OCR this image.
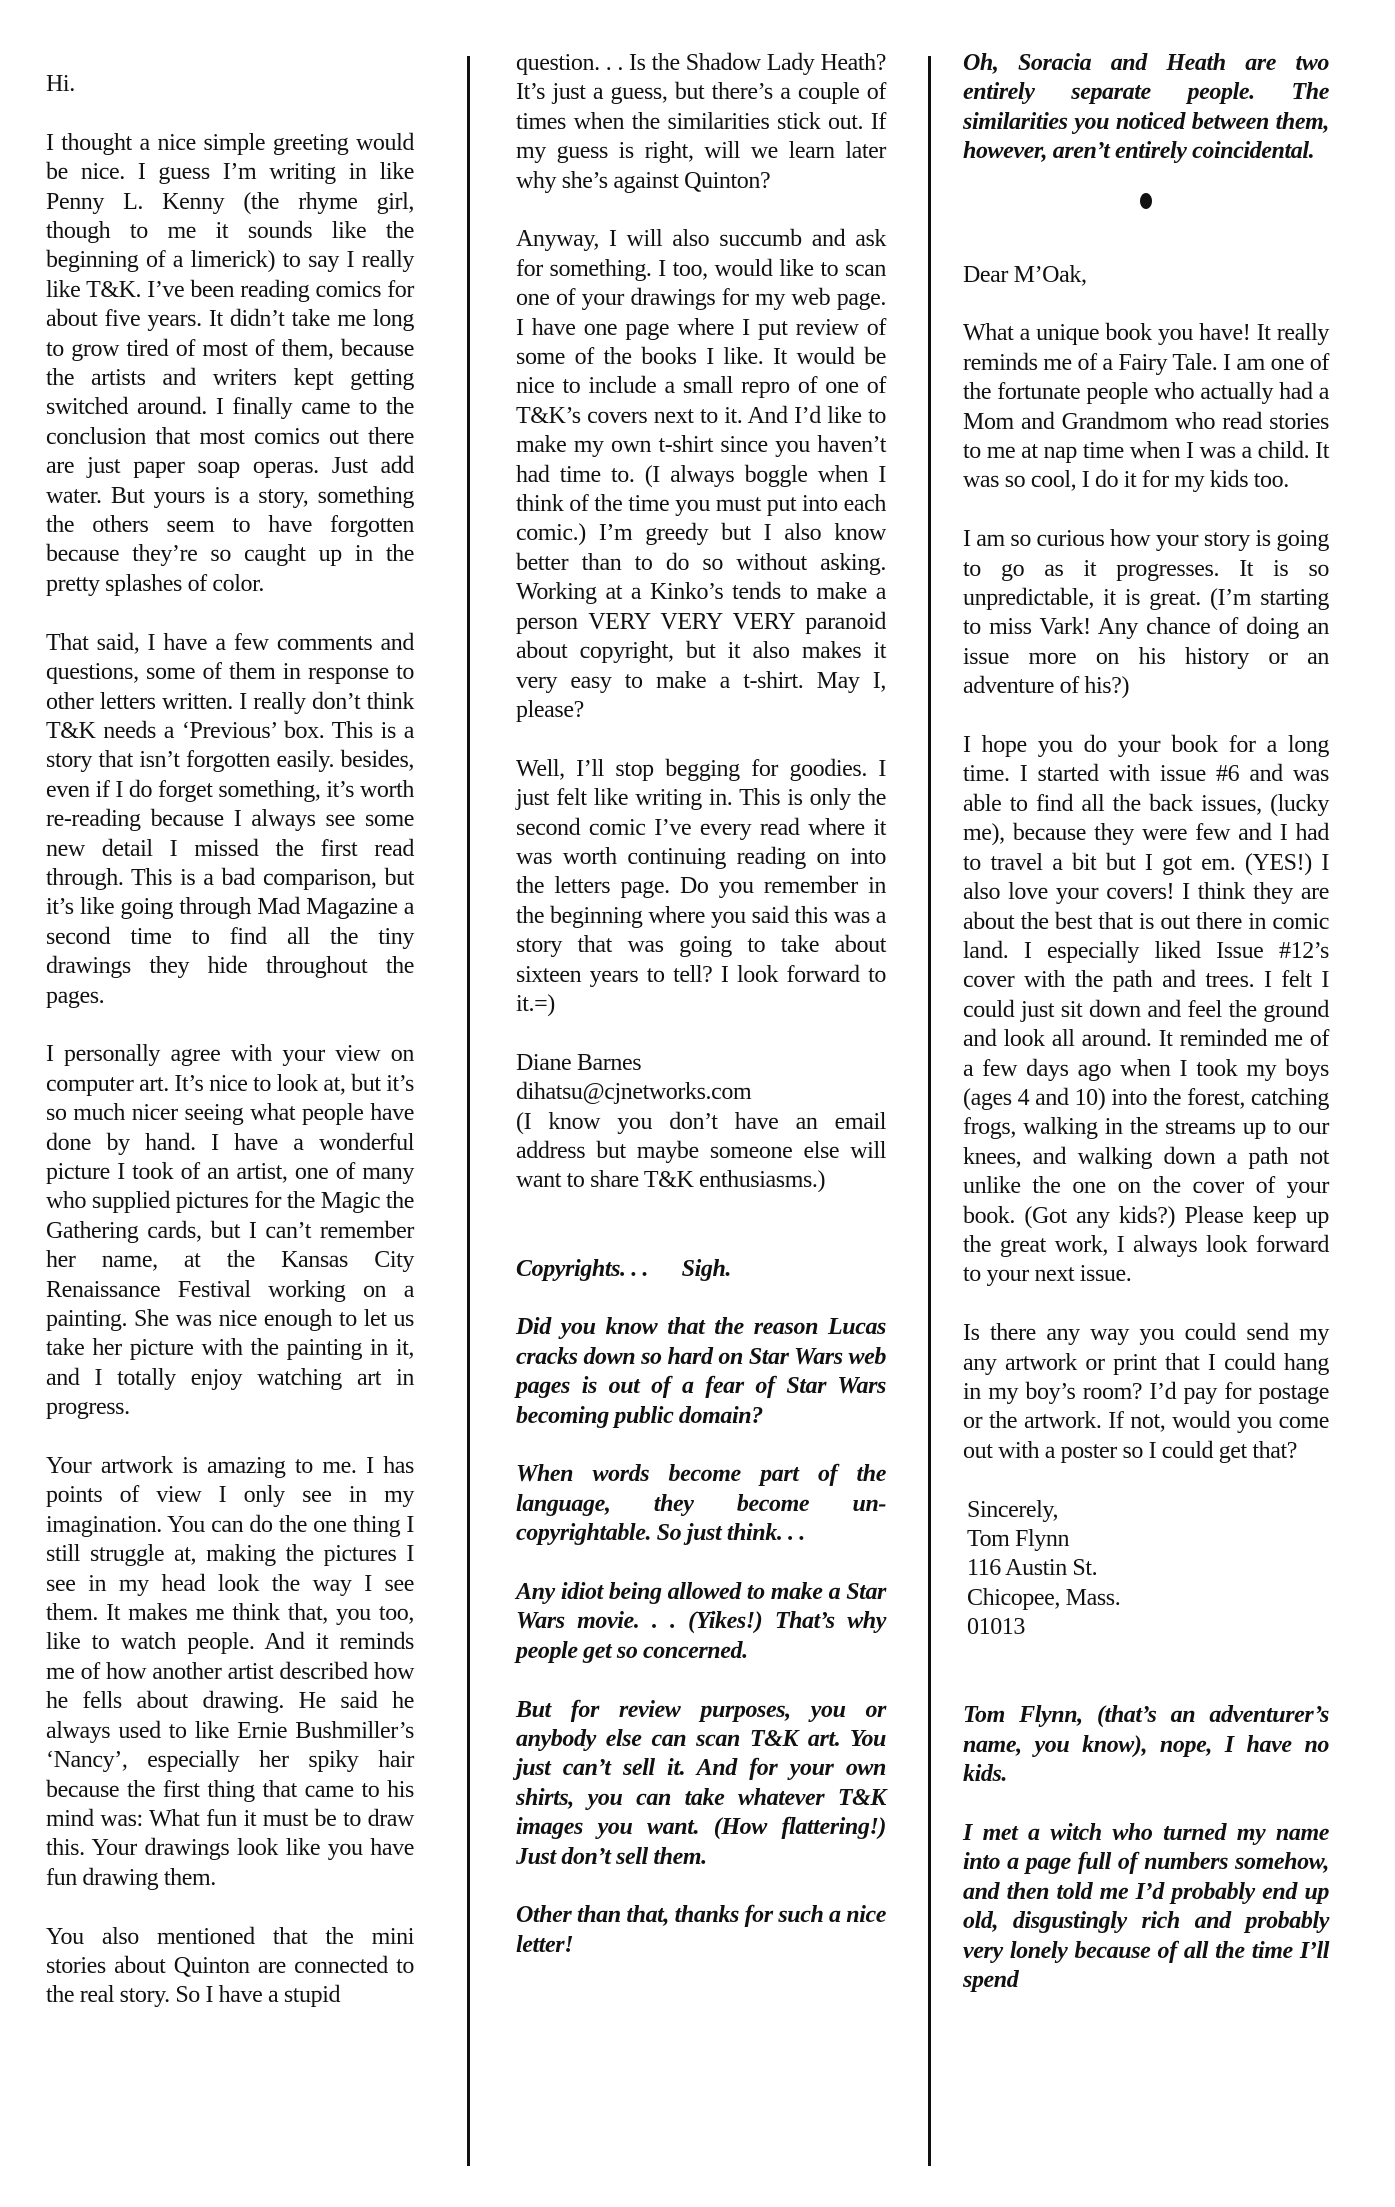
Hi.

I thought a nice simple greeting would be nice. I guess I’m writing in like Penny L. Kenny (the rhyme girl, though to me it sounds like the beginning of a limerick) to say I really like T&K. I’ve been reading comics for about five years. It didn’t take me long to grow tired of most of them, because the artists and writers kept getting switched around. I finally came to the conclusion that most comics out there are just paper soap operas. Just add water. But yours is a story, something the others seem to have forgotten because they’re so caught up in the pretty splashes of color.

That said, I have a few comments and questions, some of them in response to other letters written. I really don’t think T&K needs a ‘Previous’ box. This is a story that isn’t forgotten easily. besides, even if I do forget something, it’s worth re-reading because I always see some new detail I missed the first read through. This is a bad comparison, but it’s like going through Mad Magazine a second time to find all the tiny drawings they hide throughout the pages.

I personally agree with your view on computer art. It’s nice to look at, but it’s so much nicer seeing what people have done by hand. I have a wonderful picture I took of an artist, one of many who supplied pictures for the Magic the Gathering cards, but I can’t remember her name, at the Kansas City Renaissance Festival working on a painting. She was nice enough to let us take her picture with the painting in it, and I totally enjoy watching art in progress.

Your artwork is amazing to me. I has points of view I only see in my imagination. You can do the one thing I still struggle at, making the pictures I see in my head look the way I see them. It makes me think that, you too, like to watch people. And it reminds me of how another artist described how he fells about drawing. He said he always used to like Ernie Bushmiller’s ‘Nancy’, especially her spiky hair because the first thing that came to his mind was: What fun it must be to draw this. Your drawings look like you have fun drawing them.

You also mentioned that the mini stories about Quinton are connected to the real story. So I have a stupid

question. . . Is the Shadow Lady Heath? It’s just a guess, but there’s a couple of times when the similarities stick out. If my guess is right, will we learn later why she’s against Quinton?

Anyway, I will also succumb and ask for something. I too, would like to scan one of your drawings for my web page. I have one page where I put review of some of the books I like. It would be nice to include a small repro of one of T&K’s covers next to it. And I’d like to make my own t-shirt since you haven’t had time to. (I always boggle when I think of the time you must put into each comic.) I’m greedy but I also know better than to do so without asking. Working at a Kinko’s tends to make a person VERY VERY VERY paranoid about copyright, but it also makes it very easy to make a t-shirt. May I, please?

Well, I’ll stop begging for goodies. I just felt like writing in. This is only the second comic I’ve every read where it was worth continuing reading on into the letters page. Do you remember in the beginning where you said this was a story that was going to take about sixteen years to tell? I look forward to it.=)

Diane Barnes
dihatsu@cjnetworks.com

(I know you don’t have an email address but maybe someone else will want to share T&K enthusiasms.)

Copyrights. . .      Sigh.

Did you know that the reason Lucas cracks down so hard on Star Wars web pages is out of a fear of Star Wars becoming public domain?

When words become part of the language, they become un-copyrightable. So just think. . .

Any idiot being allowed to make a Star Wars movie. . . (Yikes!) That’s why people get so concerned.

But for review purposes, you or anybody else can scan T&K art. You just can’t sell it. And for your own shirts, you can take whatever T&K images you want. (How flattering!) Just don’t sell them.

Other than that, thanks for such a nice letter!

Oh, Soracia and Heath are two entirely separate people. The similarities you noticed between them, however, aren’t entirely coincidental.

Dear M’Oak,

What a unique book you have! It really reminds me of a Fairy Tale. I am one of the fortunate people who actually had a Mom and Grandmom who read stories to me at nap time when I was a child. It was so cool, I do it for my kids too.

I am so curious how your story is going to go as it progresses. It is so unpredictable, it is great. (I’m starting to miss Vark! Any chance of doing an issue more on his history or an adventure of his?)

I hope you do your book for a long time. I started with issue #6 and was able to find all the back issues, (lucky me), because they were few and I had to travel a bit but I got em. (YES!) I also love your covers! I think they are about the best that is out there in comic land. I especially liked Issue #12’s cover with the path and trees. I felt I could just sit down and feel the ground and look all around. It reminded me of a few days ago when I took my boys (ages 4 and 10) into the forest, catching frogs, walking in the streams up to our knees, and walking down a path not unlike the one on the cover of your book. (Got any kids?) Please keep up the great work, I always look forward to your next issue.

Is there any way you could send my any artwork or print that I could hang in my boy’s room? I’d pay for postage or the artwork. If not, would you come out with a poster so I could get that?

Sincerely,
Tom Flynn
116 Austin St.
Chicopee, Mass.
01013

Tom Flynn, (that’s an adventurer’s name, you know), nope, I have no kids.

I met a witch who turned my name into a page full of numbers somehow, and then told me I’d probably end up old, disgustingly rich and probably very lonely because of all the time I’ll spend
